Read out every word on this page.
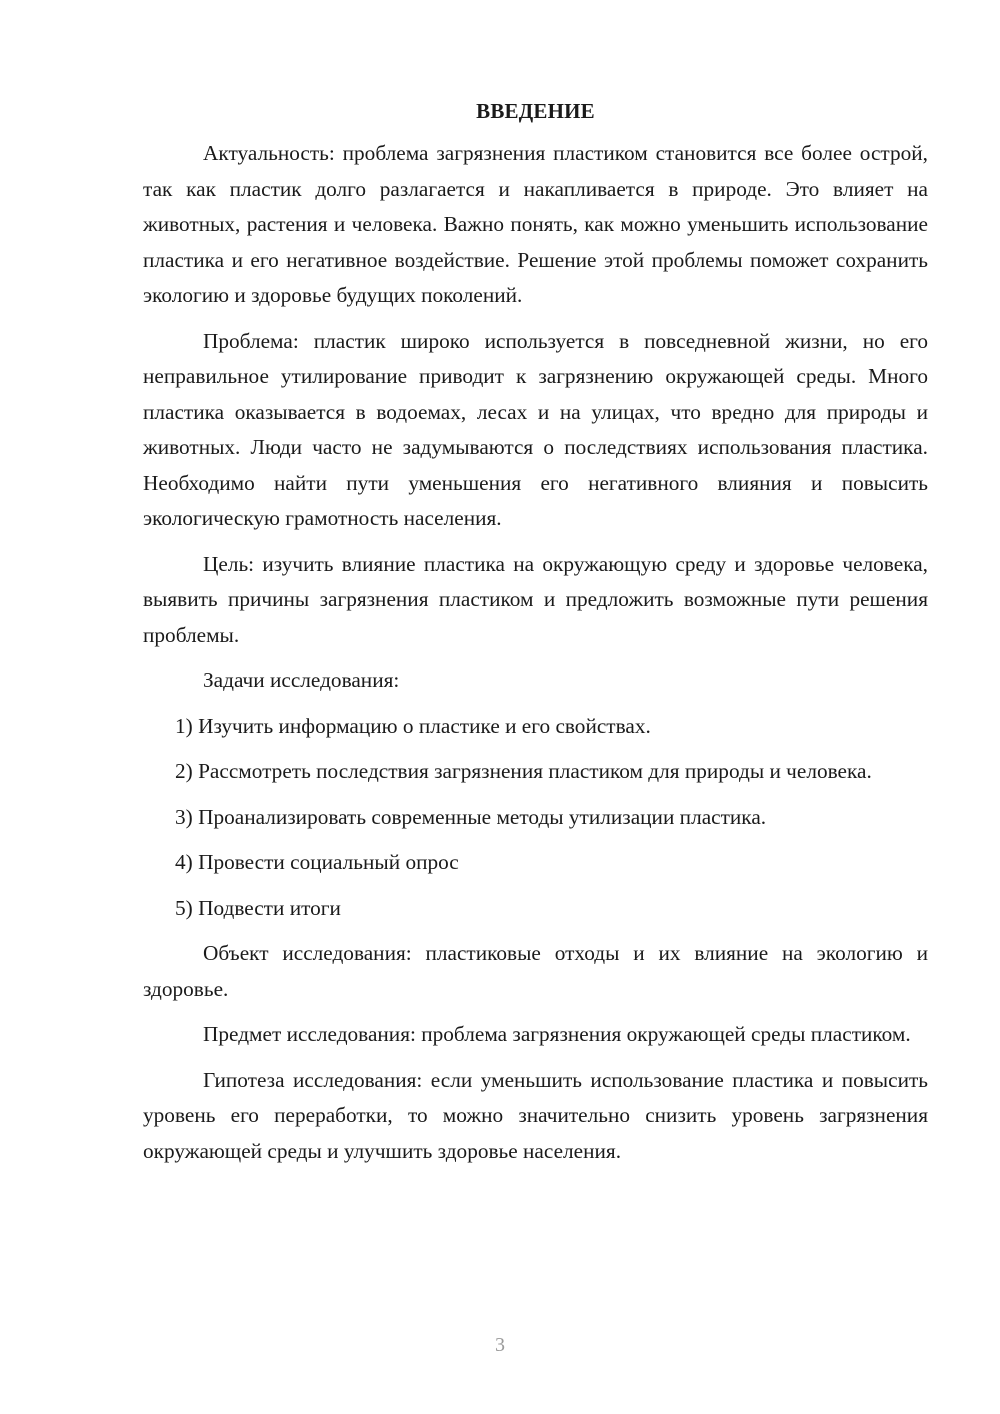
ВВЕДЕНИЕ

Актуальность: проблема загрязнения пластиком становится все более острой, так как пластик долго разлагается и накапливается в природе. Это влияет на животных, растения и человека. Важно понять, как можно уменьшить использование пластика и его негативное воздействие. Решение этой проблемы поможет сохранить экологию и здоровье будущих поколений.

Проблема: пластик широко используется в повседневной жизни, но его неправильное утилирование приводит к загрязнению окружающей среды. Много пластика оказывается в водоемах, лесах и на улицах, что вредно для природы и животных. Люди часто не задумываются о последствиях использования пластика. Необходимо найти пути уменьшения его негативного влияния и повысить экологическую грамотность населения.

Цель: изучить влияние пластика на окружающую среду и здоровье человека, выявить причины загрязнения пластиком и предложить возможные пути решения проблемы.

Задачи исследования:

1) Изучить информацию о пластике и его свойствах.

2) Рассмотреть последствия загрязнения пластиком для природы и человека.

3) Проанализировать современные методы утилизации пластика.

4) Провести социальный опрос

5) Подвести итоги

Объект исследования: пластиковые отходы и их влияние на экологию и здоровье.

Предмет исследования: проблема загрязнения окружающей среды пластиком.

Гипотеза исследования: если уменьшить использование пластика и повысить уровень его переработки, то можно значительно снизить уровень загрязнения окружающей среды и улучшить здоровье населения.

3
